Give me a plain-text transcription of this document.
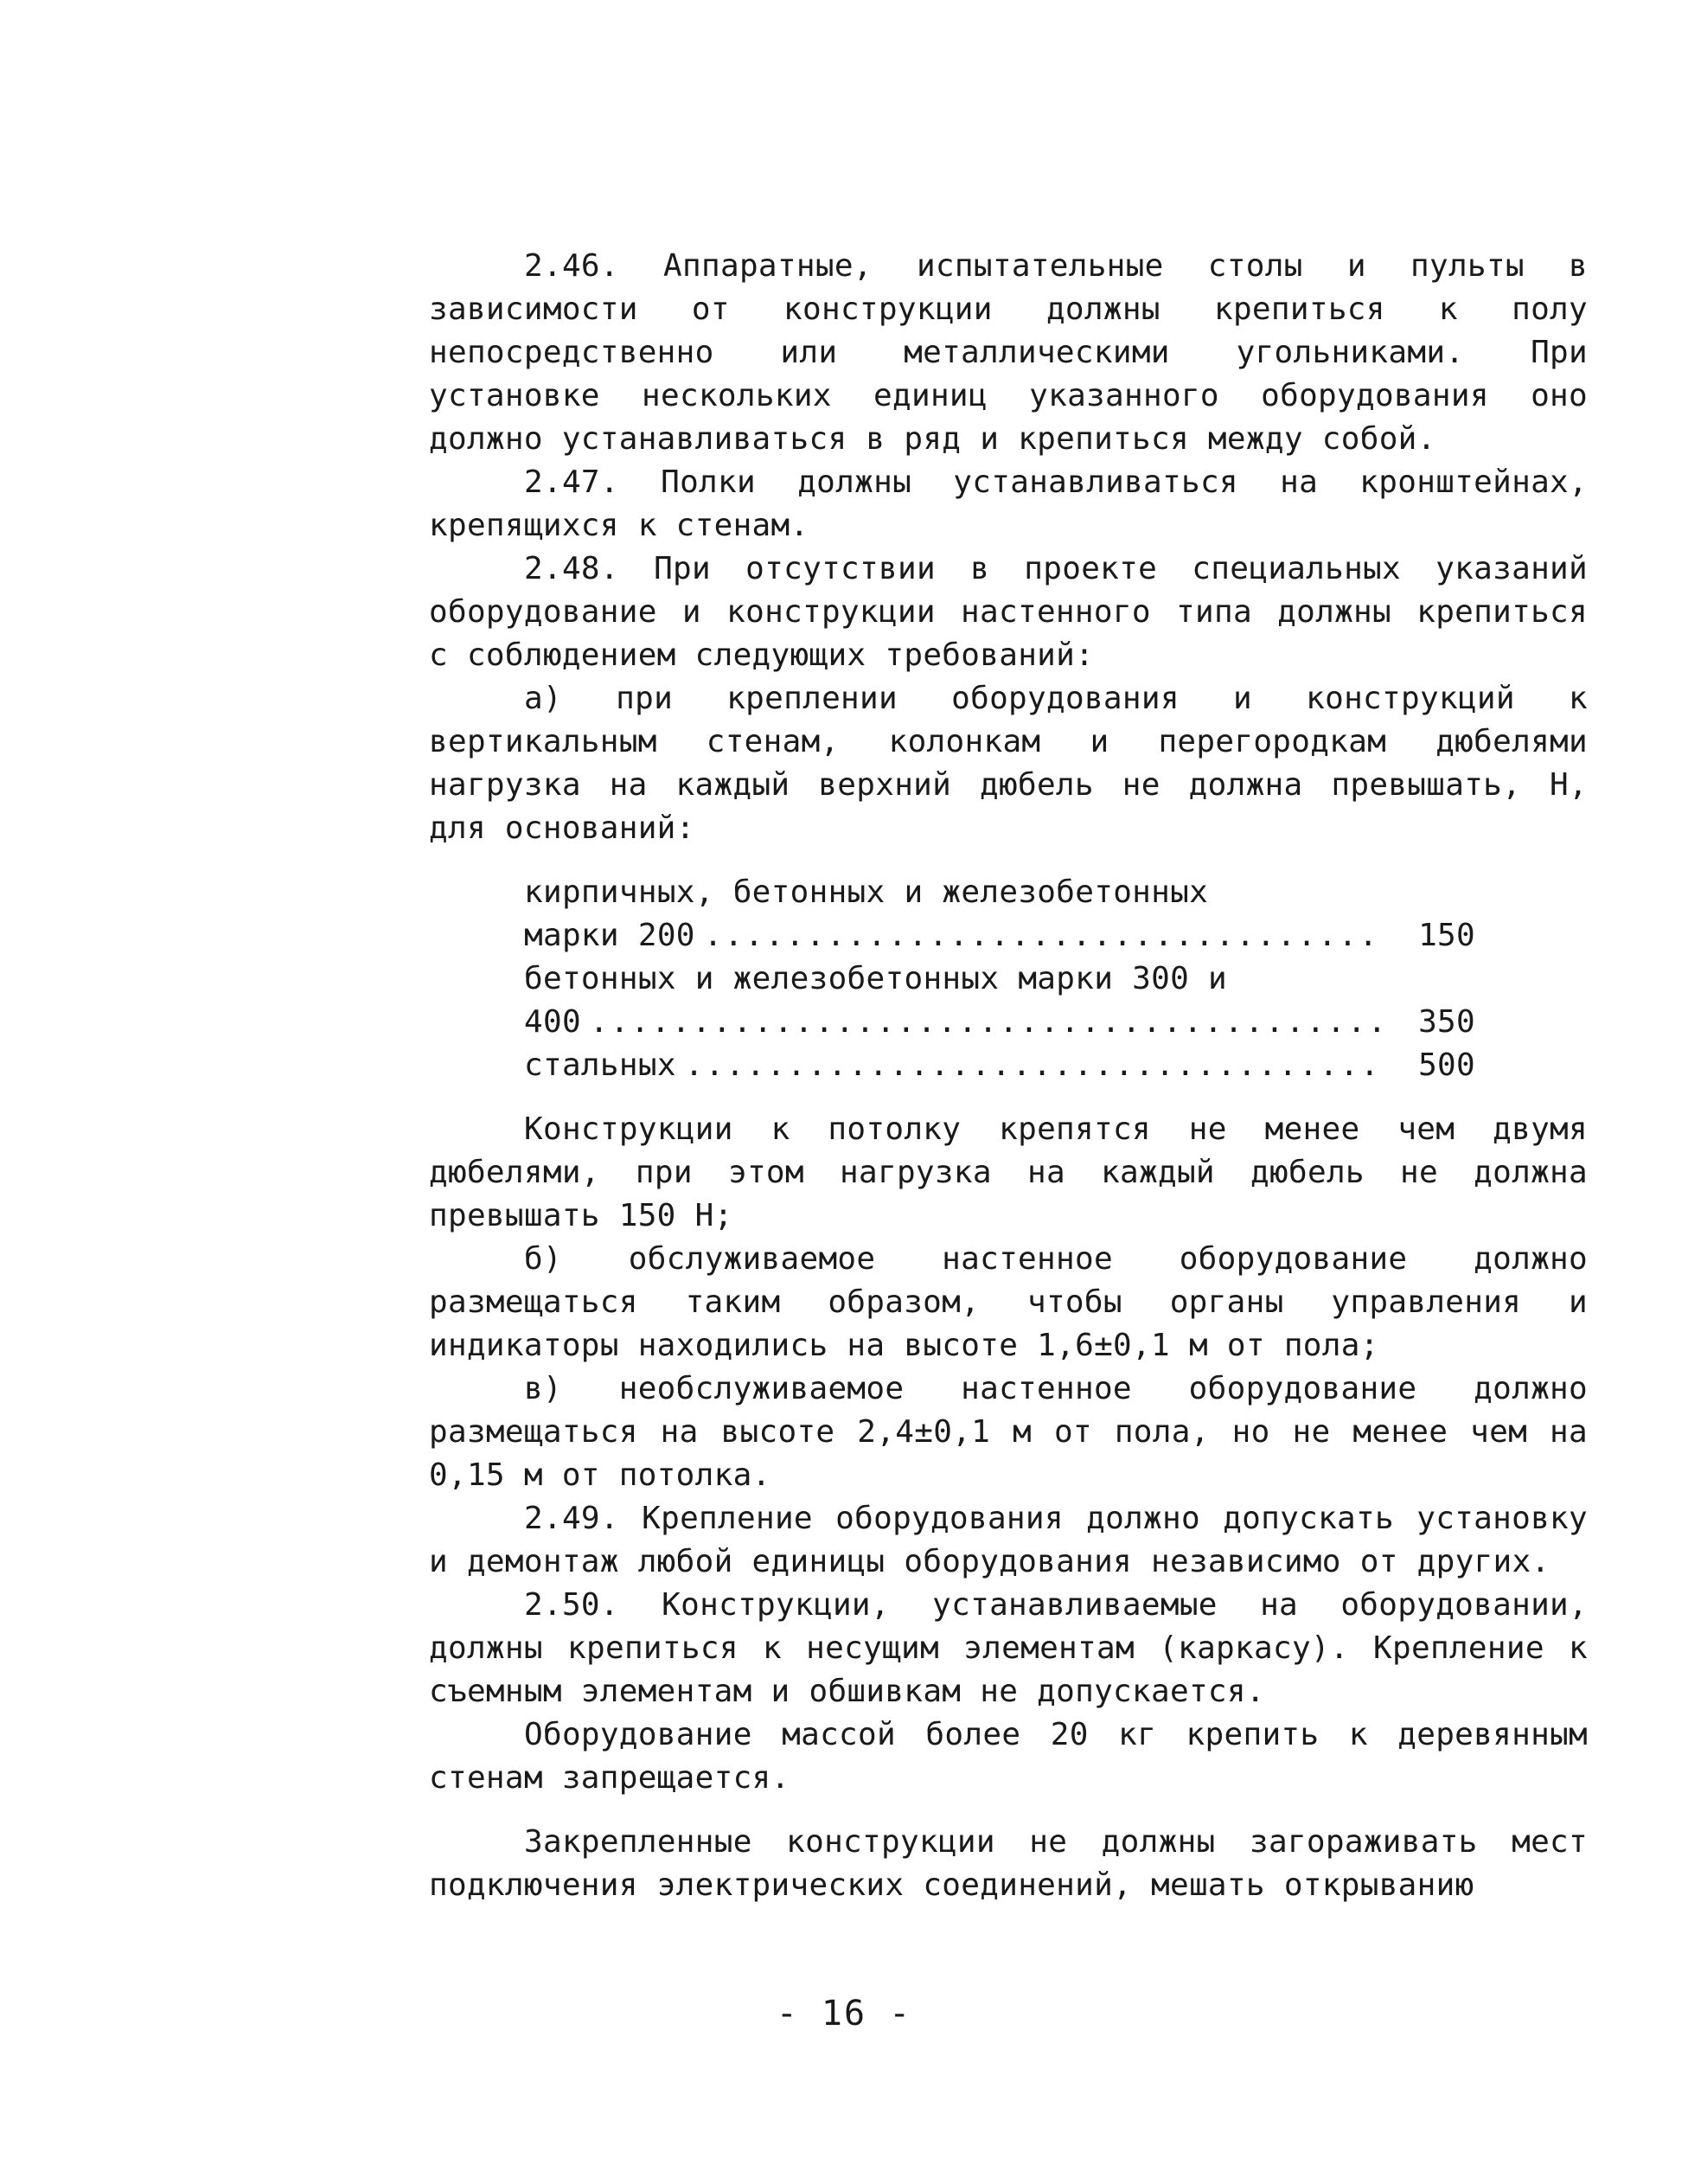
2.46. Аппаратные, испытательные столы и пульты в зависимости от конструкции должны крепиться к полу непосредственно или металлическими угольниками. При установке нескольких единиц указанного оборудования оно должно устанавливаться в ряд и крепиться между собой.

2.47. Полки должны устанавливаться на кронштейнах, крепящихся к стенам.

2.48. При отсутствии в проекте специальных указаний оборудование и конструкции настенного типа должны крепиться с соблюдением следующих требований:

а) при креплении оборудования и конструкций к вертикальным стенам, колонкам и перегородкам дюбелями нагрузка на каждый верхний дюбель не должна превышать, Н, для оснований:

кирпичных, бетонных и железобетонных
марки 200 .....	150
бетонных и железобетонных марки 300 и
400 .....	350
стальных .....	500

Конструкции к потолку крепятся не менее чем двумя дюбелями, при этом нагрузка на каждый дюбель не должна превышать 150 Н;

б) обслуживаемое настенное оборудование должно размещаться таким образом, чтобы органы управления и индикаторы находились на высоте 1,6±0,1 м от пола;

в) необслуживаемое настенное оборудование должно размещаться на высоте 2,4±0,1 м от пола, но не менее чем на 0,15 м от потолка.

2.49. Крепление оборудования должно допускать установку и демонтаж любой единицы оборудования независимо от других.

2.50. Конструкции, устанавливаемые на оборудовании, должны крепиться к несущим элементам (каркасу). Крепление к съемным элементам и обшивкам не допускается.

Оборудование массой более 20 кг крепить к деревянным стенам запрещается.

Закрепленные конструкции не должны загораживать мест подключения электрических соединений, мешать открыванию

- 16 -
